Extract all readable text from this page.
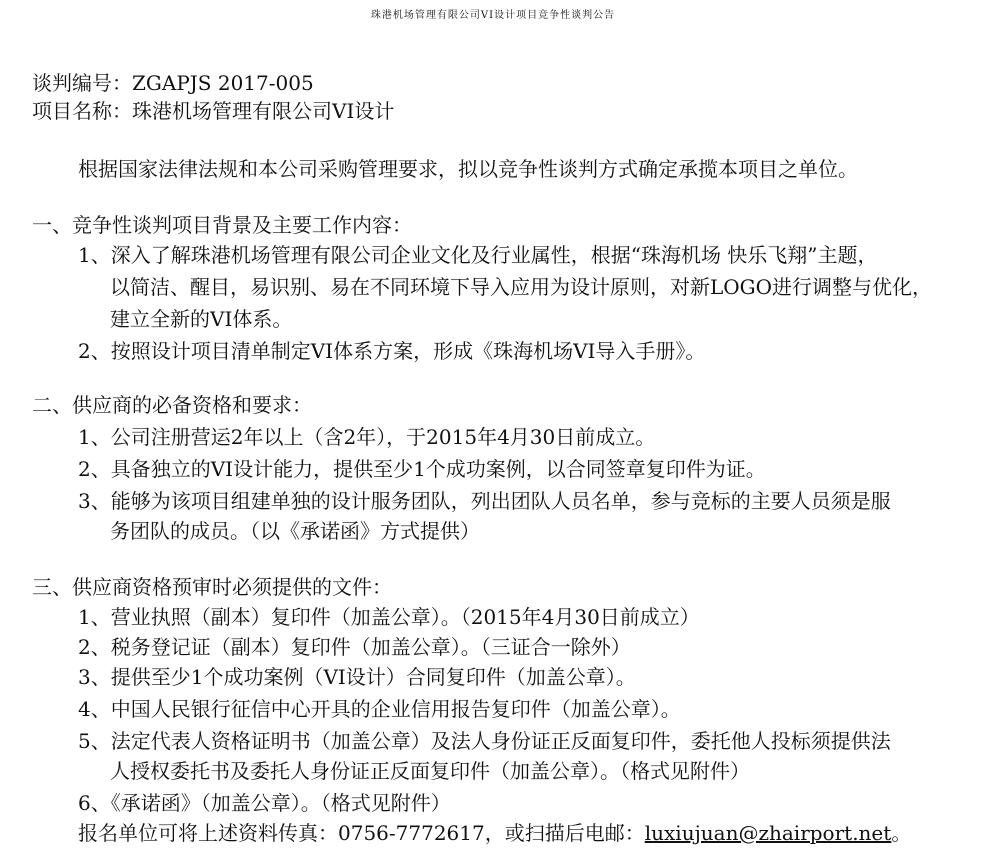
珠港机场管理有限公司VI设计项目竞争性谈判公告
谈判编号：ZGAPJS 2017-005
项目名称：珠港机场管理有限公司VI设计
根据国家法律法规和本公司采购管理要求，拟以竞争性谈判方式确定承揽本项目之单位。
一、竞争性谈判项目背景及主要工作内容：
1、深入了解珠港机场管理有限公司企业文化及行业属性，根据“珠海机场 快乐飞翔”主题，
以简洁、醒目，易识别、易在不同环境下导入应用为设计原则，对新LOGO进行调整与优化，
建立全新的VI体系。
2、按照设计项目清单制定VI体系方案，形成《珠海机场VI导入手册》。
二、供应商的必备资格和要求：
1、公司注册营运2年以上（含2年），于2015年4月30日前成立。
2、具备独立的VI设计能力，提供至少1个成功案例，以合同签章复印件为证。
3、能够为该项目组建单独的设计服务团队，列出团队人员名单，参与竞标的主要人员须是服
务团队的成员。（以《承诺函》方式提供）
三、供应商资格预审时必须提供的文件：
1、营业执照（副本）复印件（加盖公章）。（2015年4月30日前成立）
2、税务登记证（副本）复印件（加盖公章）。（三证合一除外）
3、提供至少1个成功案例（VI设计）合同复印件（加盖公章）。
4、中国人民银行征信中心开具的企业信用报告复印件（加盖公章）。
5、法定代表人资格证明书（加盖公章）及法人身份证正反面复印件，委托他人投标须提供法
人授权委托书及委托人身份证正反面复印件（加盖公章）。（格式见附件）
6、《承诺函》（加盖公章）。（格式见附件）
报名单位可将上述资料传真：0756-7772617，或扫描后电邮：luxiujuan@zhairport.net。
